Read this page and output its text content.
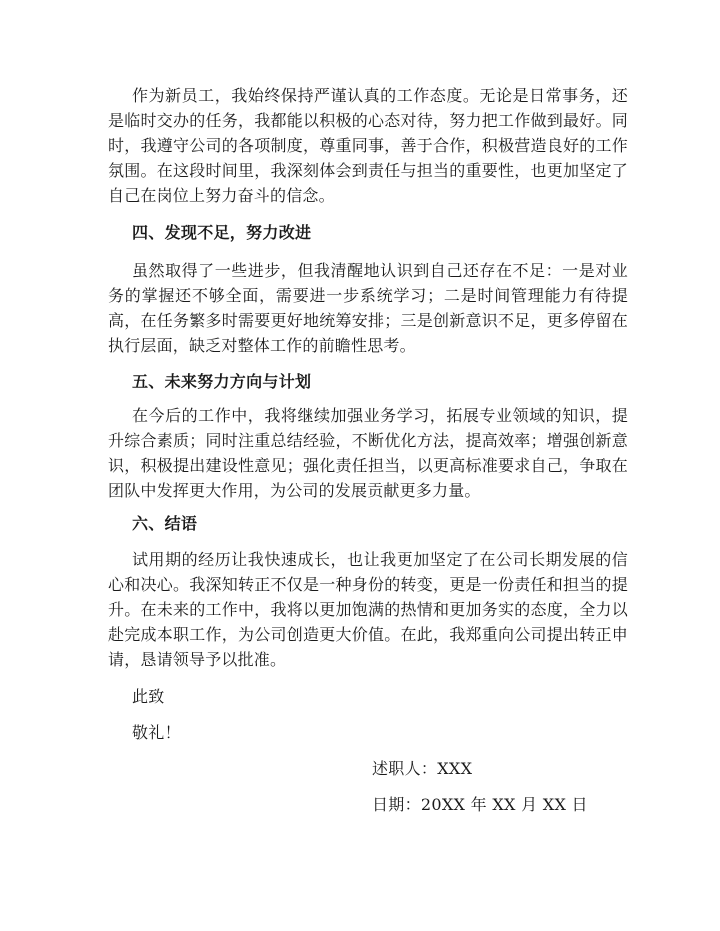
作为新员工，我始终保持严谨认真的工作态度。无论是日常事务，还是临时交办的任务，我都能以积极的心态对待，努力把工作做到最好。同时，我遵守公司的各项制度，尊重同事，善于合作，积极营造良好的工作氛围。在这段时间里，我深刻体会到责任与担当的重要性，也更加坚定了自己在岗位上努力奋斗的信念。

四、发现不足，努力改进

虽然取得了一些进步，但我清醒地认识到自己还存在不足：一是对业务的掌握还不够全面，需要进一步系统学习；二是时间管理能力有待提高，在任务繁多时需要更好地统筹安排；三是创新意识不足，更多停留在执行层面，缺乏对整体工作的前瞻性思考。

五、未来努力方向与计划

在今后的工作中，我将继续加强业务学习，拓展专业领域的知识，提升综合素质；同时注重总结经验，不断优化方法，提高效率；增强创新意识，积极提出建设性意见；强化责任担当，以更高标准要求自己，争取在团队中发挥更大作用，为公司的发展贡献更多力量。

六、结语

试用期的经历让我快速成长，也让我更加坚定了在公司长期发展的信心和决心。我深知转正不仅是一种身份的转变，更是一份责任和担当的提升。在未来的工作中，我将以更加饱满的热情和更加务实的态度，全力以赴完成本职工作，为公司创造更大价值。在此，我郑重向公司提出转正申请，恳请领导予以批准。

此致

敬礼！

述职人：XXX

日期：20XX 年 XX 月 XX 日
